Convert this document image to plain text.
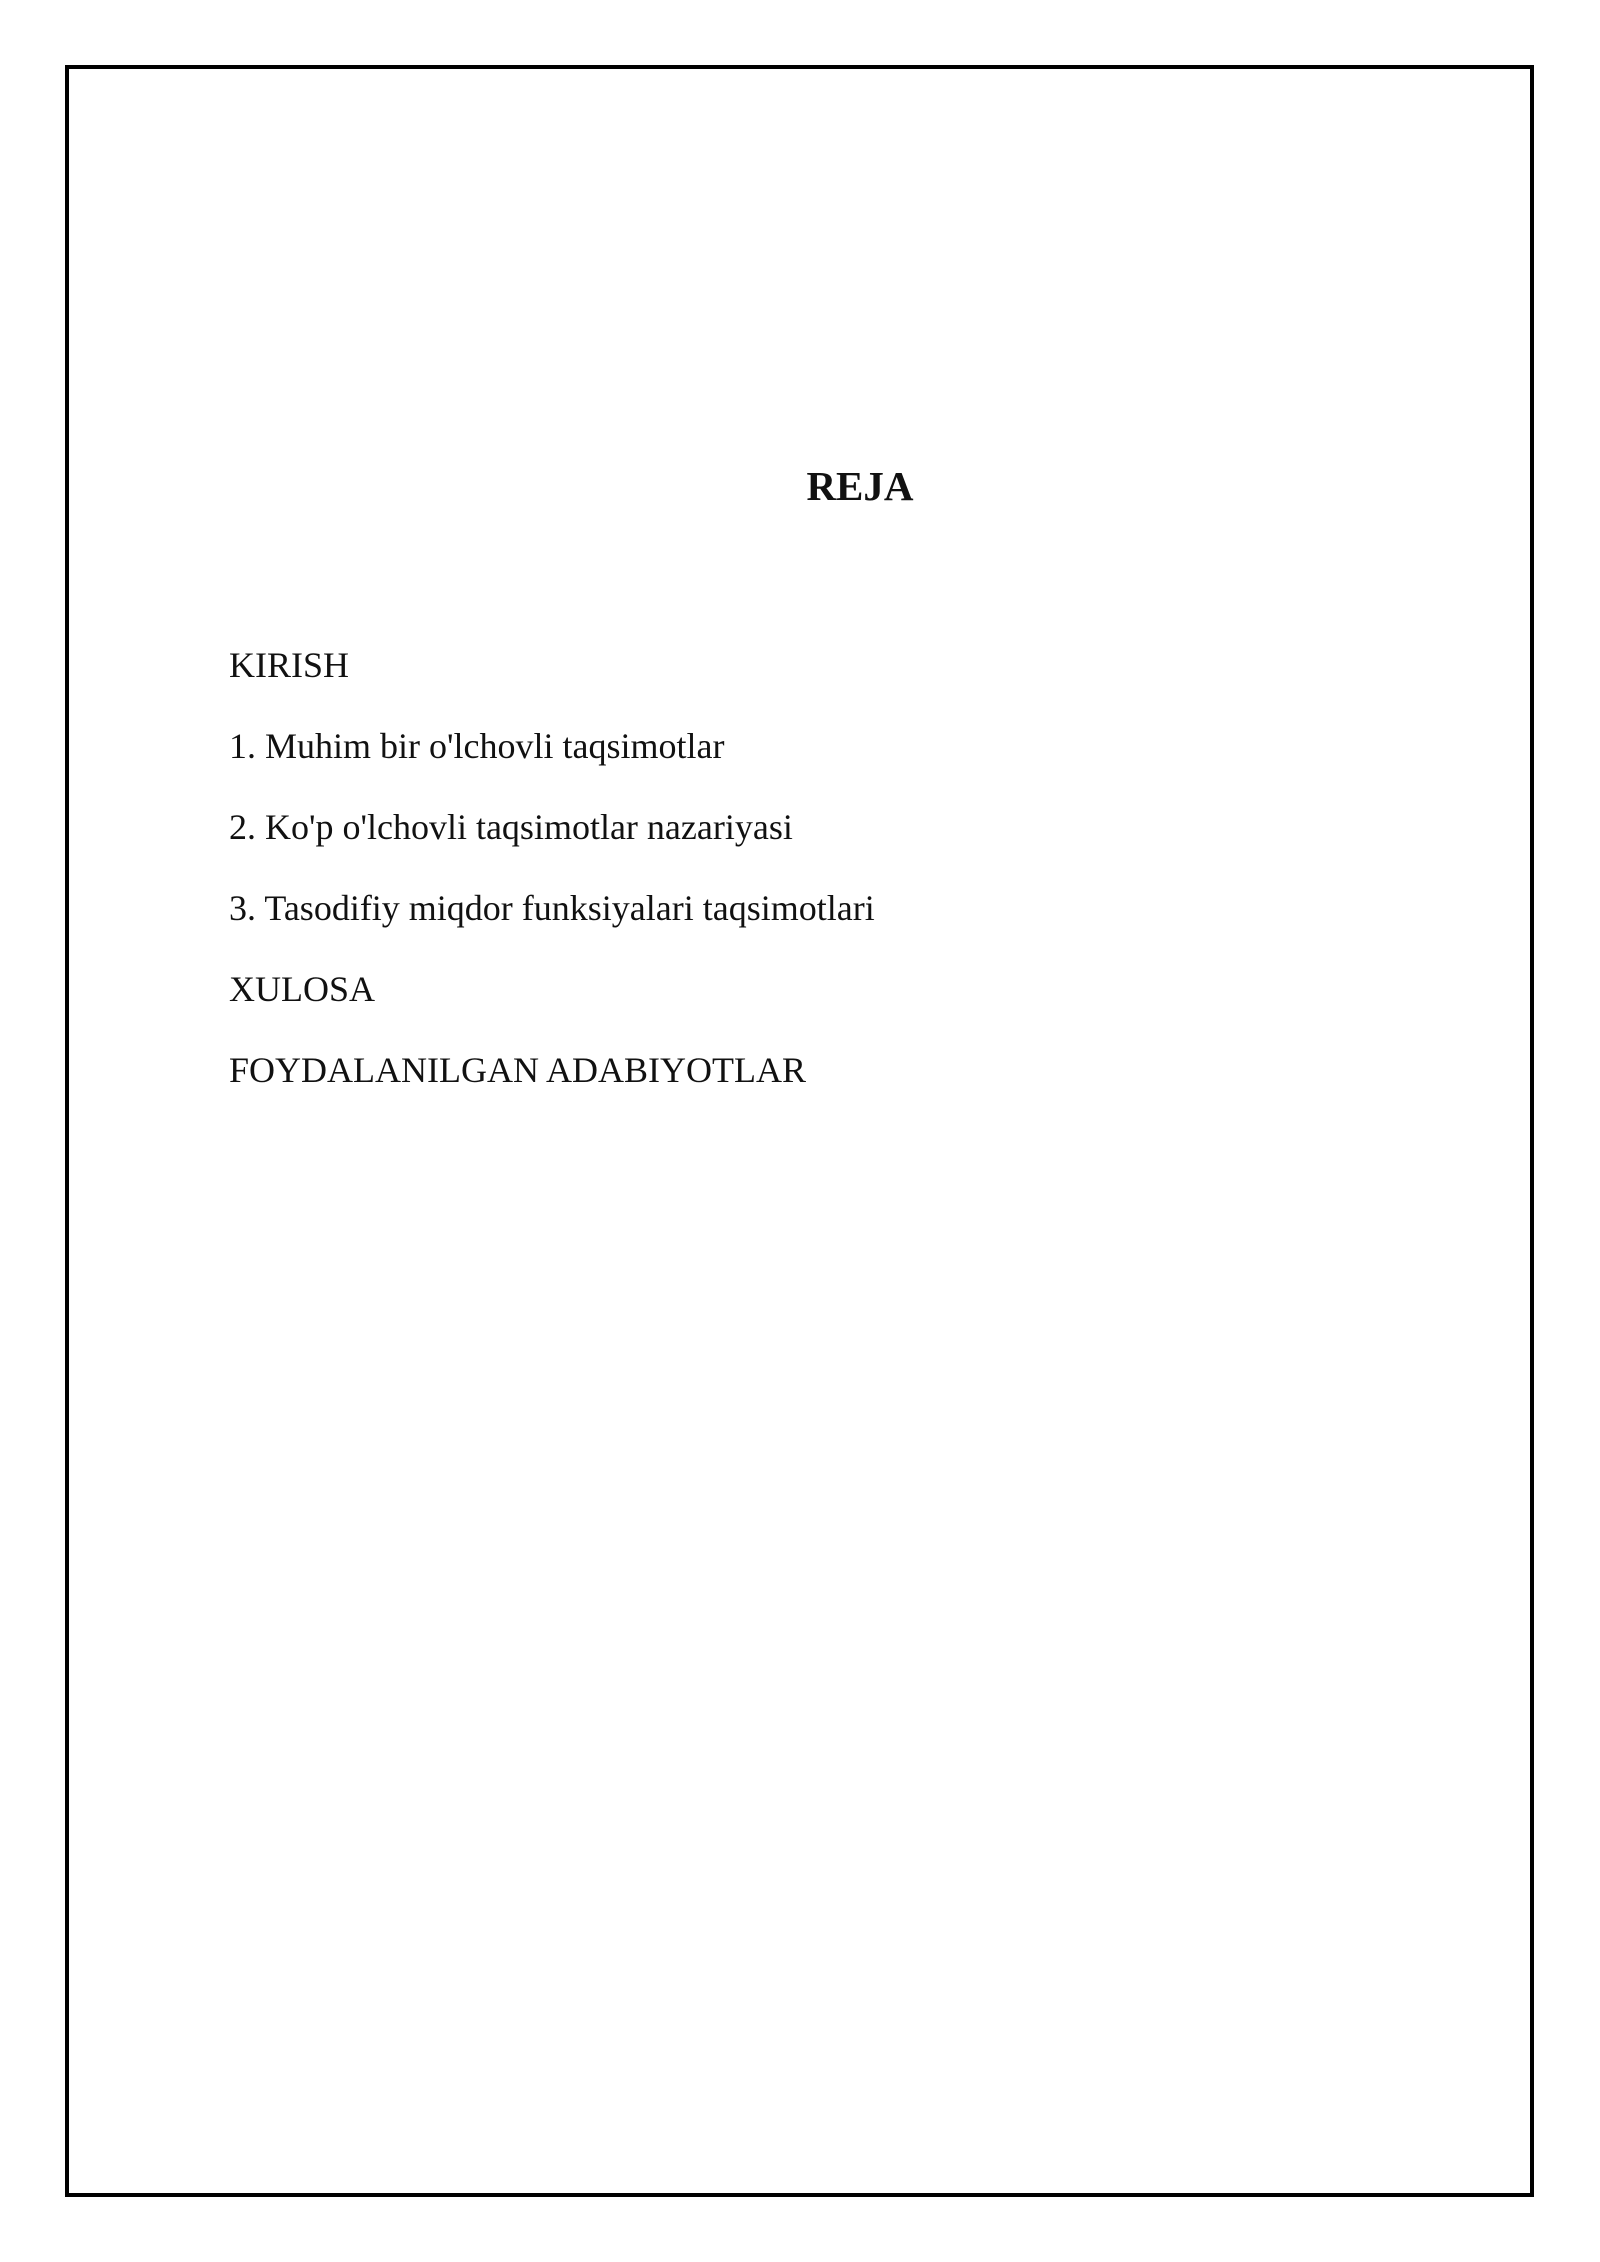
REJA
KIRISH
1. Muhim bir o'lchovli taqsimotlar
2. Ko'p o'lchovli taqsimotlar nazariyasi
3. Tasodifiy miqdor funksiyalari taqsimotlari
XULOSA
FOYDALANILGAN ADABIYOTLAR
